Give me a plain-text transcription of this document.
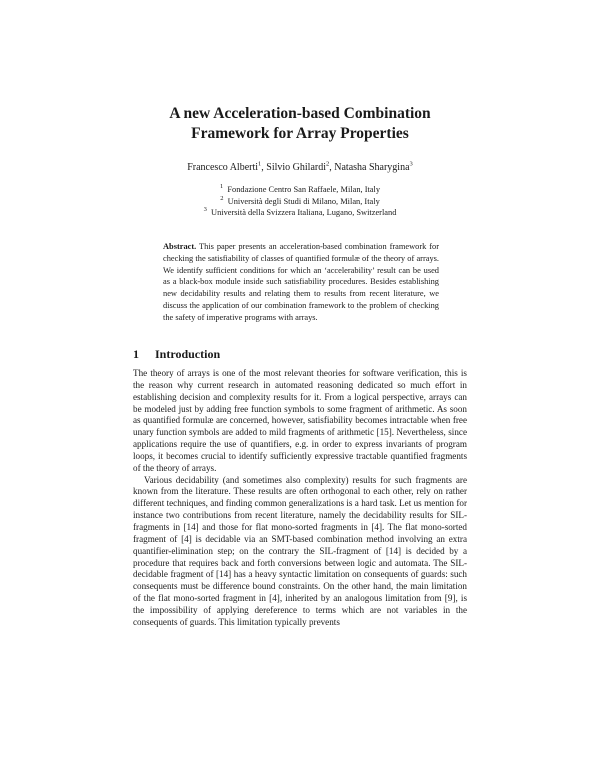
A new Acceleration-based Combination
Framework for Array Properties
Francesco Alberti$^1$, Silvio Ghilardi$^2$, Natasha Sharygina$^3$
$^1$ Fondazione Centro San Raffaele, Milan, Italy
$^2$ Università degli Studi di Milano, Milan, Italy
$^3$ Università della Svizzera Italiana, Lugano, Switzerland
Abstract. This paper presents an acceleration-based combination framework for checking the satisfiability of classes of quantified formulæ of the theory of arrays. We identify sufficient conditions for which an ‘accelerability’ result can be used as a black-box module inside such satisfiability procedures. Besides establishing new decidability results and relating them to results from recent literature, we discuss the application of our combination framework to the problem of checking the safety of imperative programs with arrays.
1 Introduction

The theory of arrays is one of the most relevant theories for software verification, this is the reason why current research in automated reasoning dedicated so much effort in establishing decision and complexity results for it. From a logical perspective, arrays can be modeled just by adding free function symbols to some fragment of arithmetic. As soon as quantified formulæ are concerned, however, satisfiability becomes intractable when free unary function symbols are added to mild fragments of arithmetic [15]. Nevertheless, since applications require the use of quantifiers, e.g. in order to express invariants of program loops, it becomes crucial to identify sufficiently expressive tractable quantified fragments of the theory of arrays.

Various decidability (and sometimes also complexity) results for such fragments are known from the literature. These results are often orthogonal to each other, rely on rather different techniques, and finding common generalizations is a hard task. Let us mention for instance two contributions from recent literature, namely the decidability results for SIL-fragments in [14] and those for flat mono-sorted fragments in [4]. The flat mono-sorted fragment of [4] is decidable via an SMT-based combination method involving an extra quantifier-elimination step; on the contrary the SIL-fragment of [14] is decided by a procedure that requires back and forth conversions between logic and automata. The SIL-decidable fragment of [14] has a heavy syntactic limitation on consequents of guards: such consequents must be difference bound constraints. On the other hand, the main limitation of the flat mono-sorted fragment in [4], inherited by an analogous limitation from [9], is the impossibility of applying dereference to terms which are not variables in the consequents of guards. This limitation typically prevents
